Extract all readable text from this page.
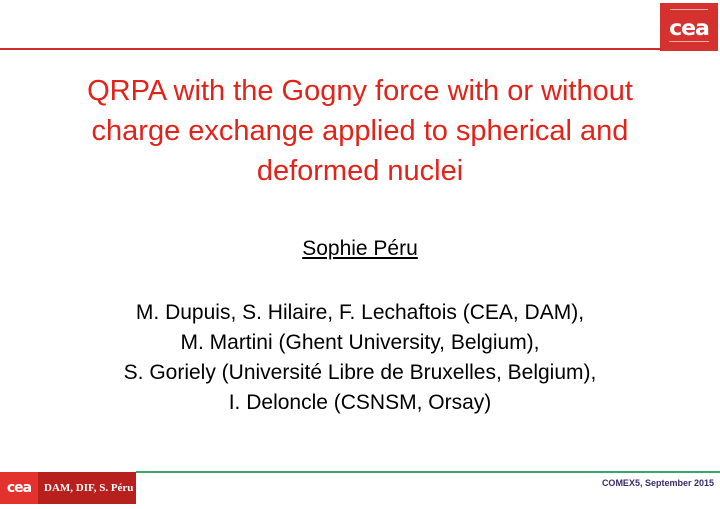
cea
QRPA with the Gogny force with or without
charge exchange applied to spherical and
deformed nuclei
Sophie Péru
M. Dupuis, S. Hilaire, F. Lechaftois (CEA, DAM),
M. Martini (Ghent University, Belgium),
S. Goriely (Université Libre de Bruxelles, Belgium),
I. Deloncle (CSNSM, Orsay)
cea	DAM, DIF, S. Péru	COMEX5, September 2015
